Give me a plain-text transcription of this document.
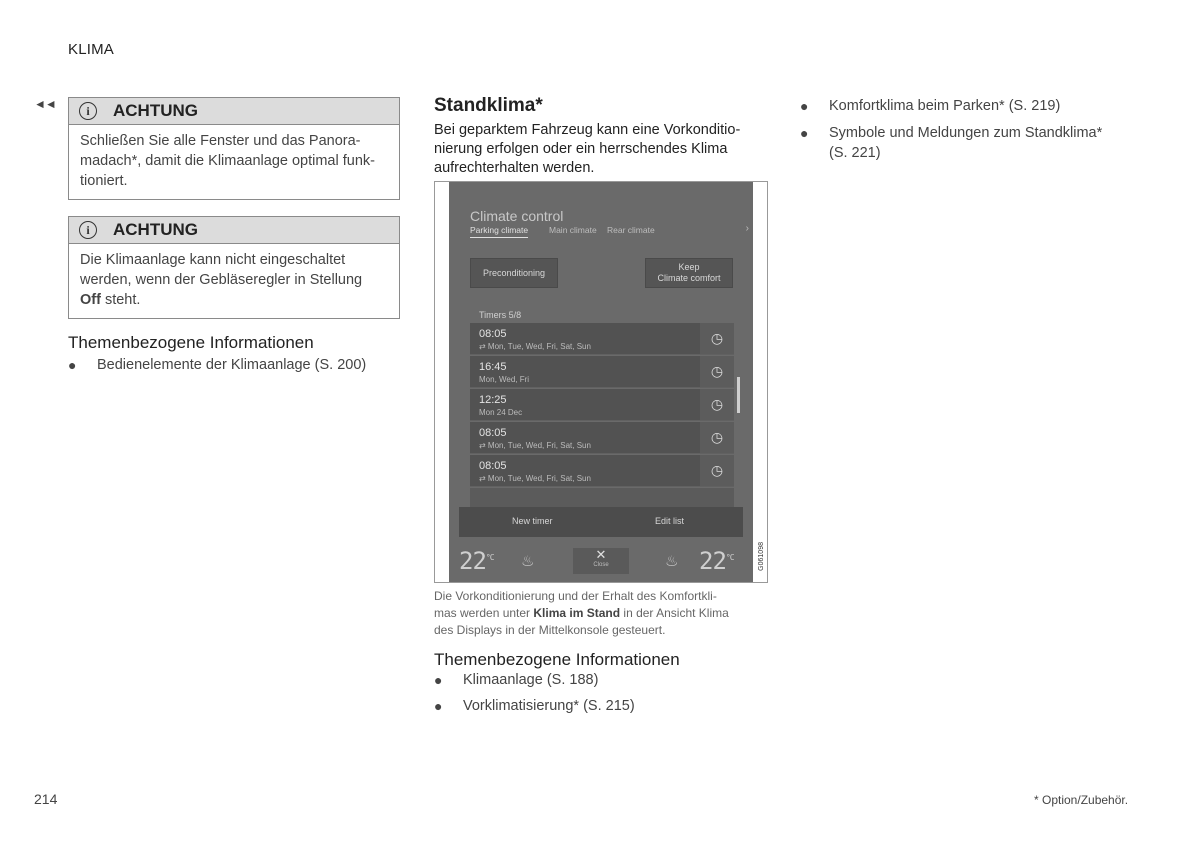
KLIMA
◄◄	i	ACHTUNG
Schließen Sie alle Fenster und das Panora-
madach*, damit die Klimaanlage optimal funk-
tioniert.
i	ACHTUNG
Die Klimaanlage kann nicht eingeschaltet
werden, wenn der Gebläseregler in Stellung
Off steht.
Themenbezogene Informationen
● Bedienelemente der Klimaanlage (S. 200)
Standklima*
Bei geparktem Fahrzeug kann eine Vorkonditio-
nierung erfolgen oder ein herrschendes Klima
aufrechterhalten werden.
Climate control
Parking climate Main climate Rear climate	›
Preconditioning
Keep
Climate comfort
Timers 5/8
08:05
⇄ Mon, Tue, Wed, Fri, Sat, Sun
◷
16:45
Mon, Wed, Fri
◷
12:25
Mon 24 Dec
◷
08:05
⇄ Mon, Tue, Wed, Fri, Sat, Sun
◷
08:05
⇄ Mon, Tue, Wed, Fri, Sat, Sun
◷
New timer	Edit list
$22^{^\circ C}$ ♨	✕
Close	♨ $22^{^\circ C}$	G061098
Die Vorkonditionierung und der Erhalt des Komfortkli-
mas werden unter Klima im Stand in der Ansicht Klima
des Displays in der Mittelkonsole gesteuert.
Themenbezogene Informationen
● Klimaanlage (S. 188)
● Vorklimatisierung* (S. 215)
● Komfortklima beim Parken* (S. 219)
● Symbole und Meldungen zum Standklima*
(S. 221)
214	* Option/Zubehör.
